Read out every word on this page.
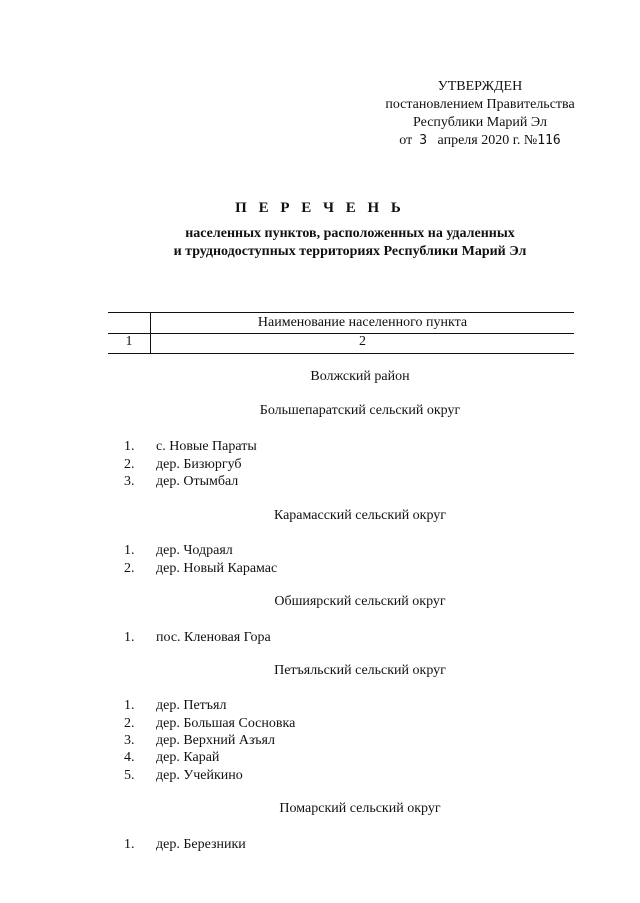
УТВЕРЖДЕН
постановлением Правительства
Республики Марий Эл
от 3 апреля 2020 г. №116
П Е Р Е Ч Е Н Ь
населенных пунктов, расположенных на удаленных
и труднодоступных территориях Республики Марий Эл
Наименование населенного пункта
1	2
Волжский район
Большепаратский сельский округ
1. с. Новые Параты
2. дер. Бизюргуб
3. дер. Отымбал
Карамасский сельский округ
1. дер. Чодраял
2. дер. Новый Карамас
Обшиярский сельский округ
1. пос. Кленовая Гора
Петъяльский сельский округ
1. дер. Петъял
2. дер. Большая Сосновка
3. дер. Верхний Азъял
4. дер. Карай
5. дер. Учейкино
Помарский сельский округ
1. дер. Березники
